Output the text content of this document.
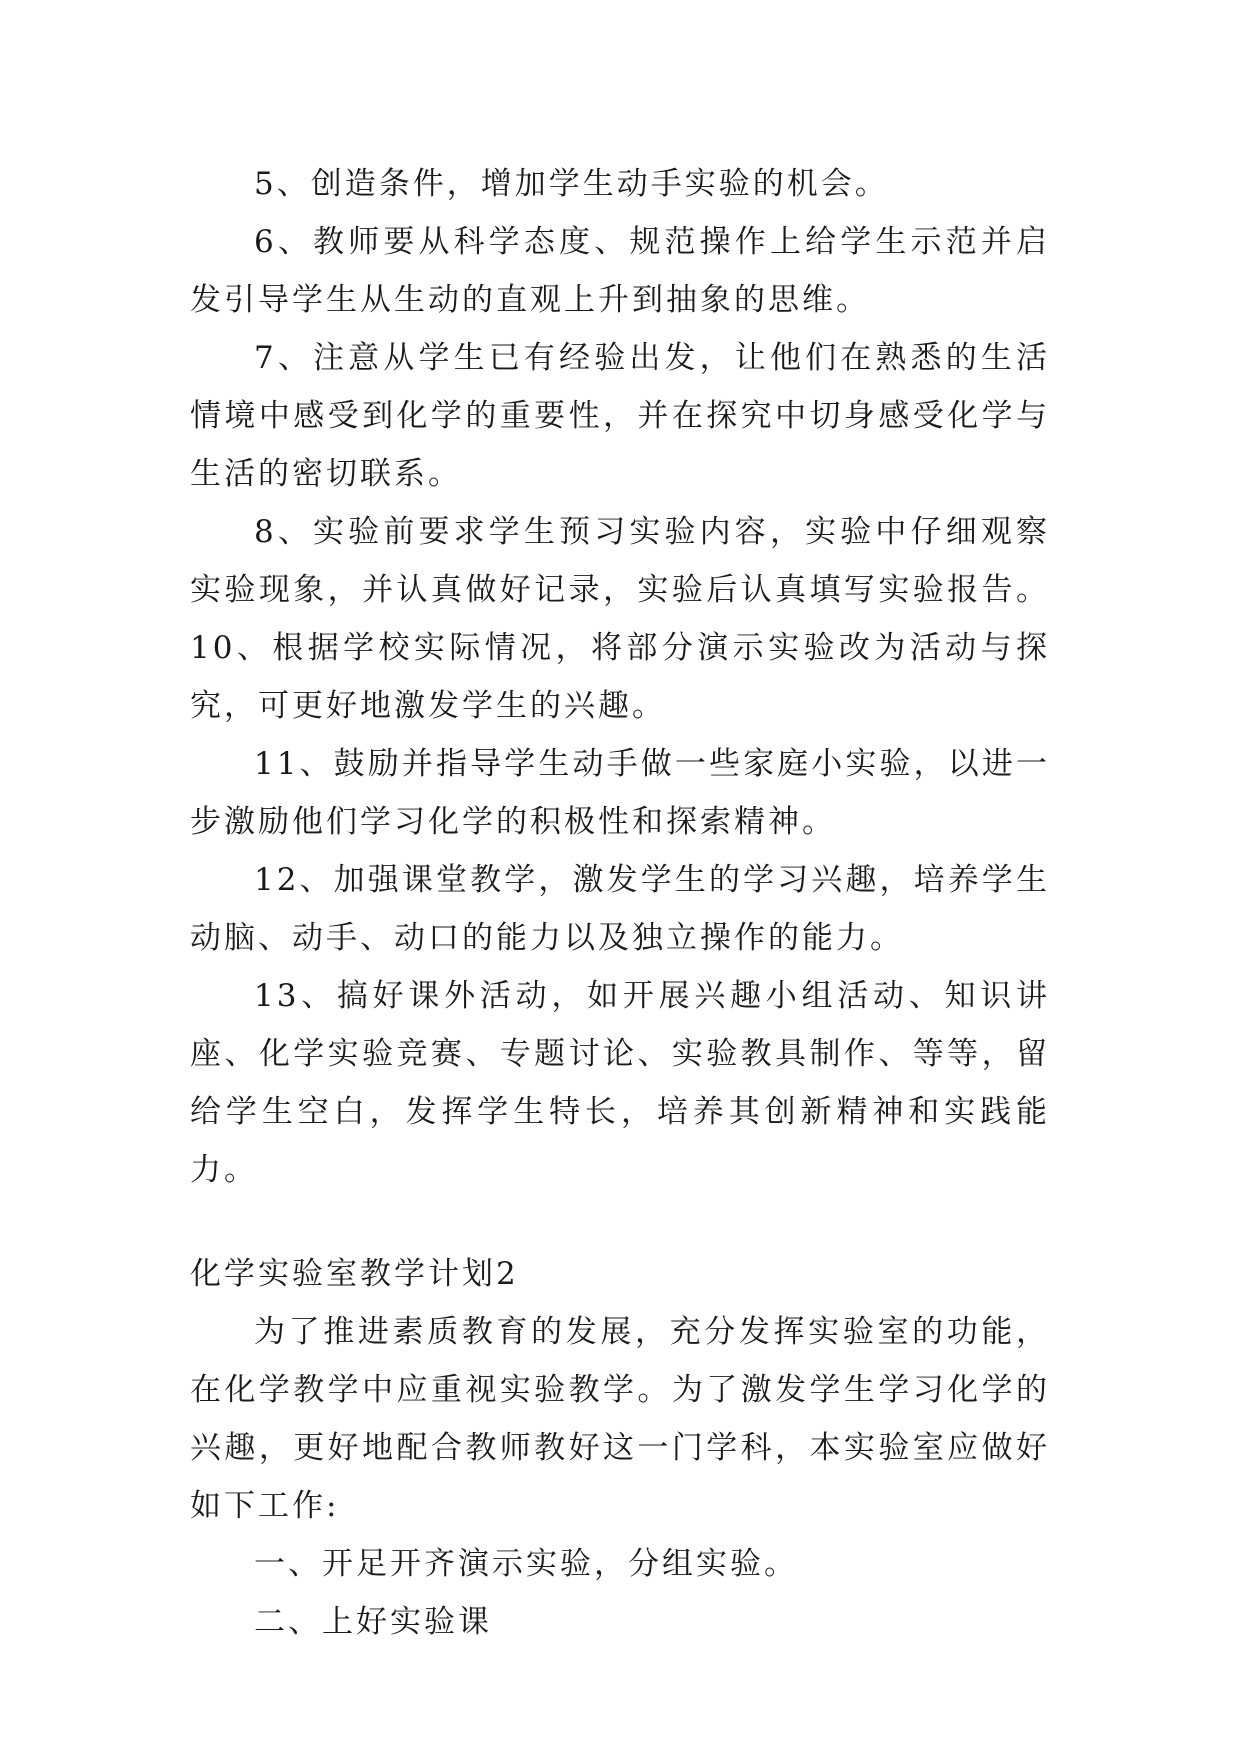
5、创造条件，增加学生动手实验的机会。

6、教师要从科学态度、规范操作上给学生示范并启发引导学生从生动的直观上升到抽象的思维。

7、注意从学生已有经验出发，让他们在熟悉的生活情境中感受到化学的重要性，并在探究中切身感受化学与生活的密切联系。

8、实验前要求学生预习实验内容，实验中仔细观察实验现象，并认真做好记录，实验后认真填写实验报告。 10、根据学校实际情况，将部分演示实验改为活动与探究，可更好地激发学生的兴趣。

11、鼓励并指导学生动手做一些家庭小实验，以进一步激励他们学习化学的积极性和探索精神。

12、加强课堂教学，激发学生的学习兴趣，培养学生动脑、动手、动口的能力以及独立操作的能力。

13、搞好课外活动，如开展兴趣小组活动、知识讲座、化学实验竞赛、专题讨论、实验教具制作、等等，留给学生空白，发挥学生特长，培养其创新精神和实践能力。

化学实验室教学计划2

为了推进素质教育的发展，充分发挥实验室的功能，在化学教学中应重视实验教学。为了激发学生学习化学的兴趣，更好地配合教师教好这一门学科，本实验室应做好如下工作:

一、开足开齐演示实验，分组实验。

二、上好实验课
